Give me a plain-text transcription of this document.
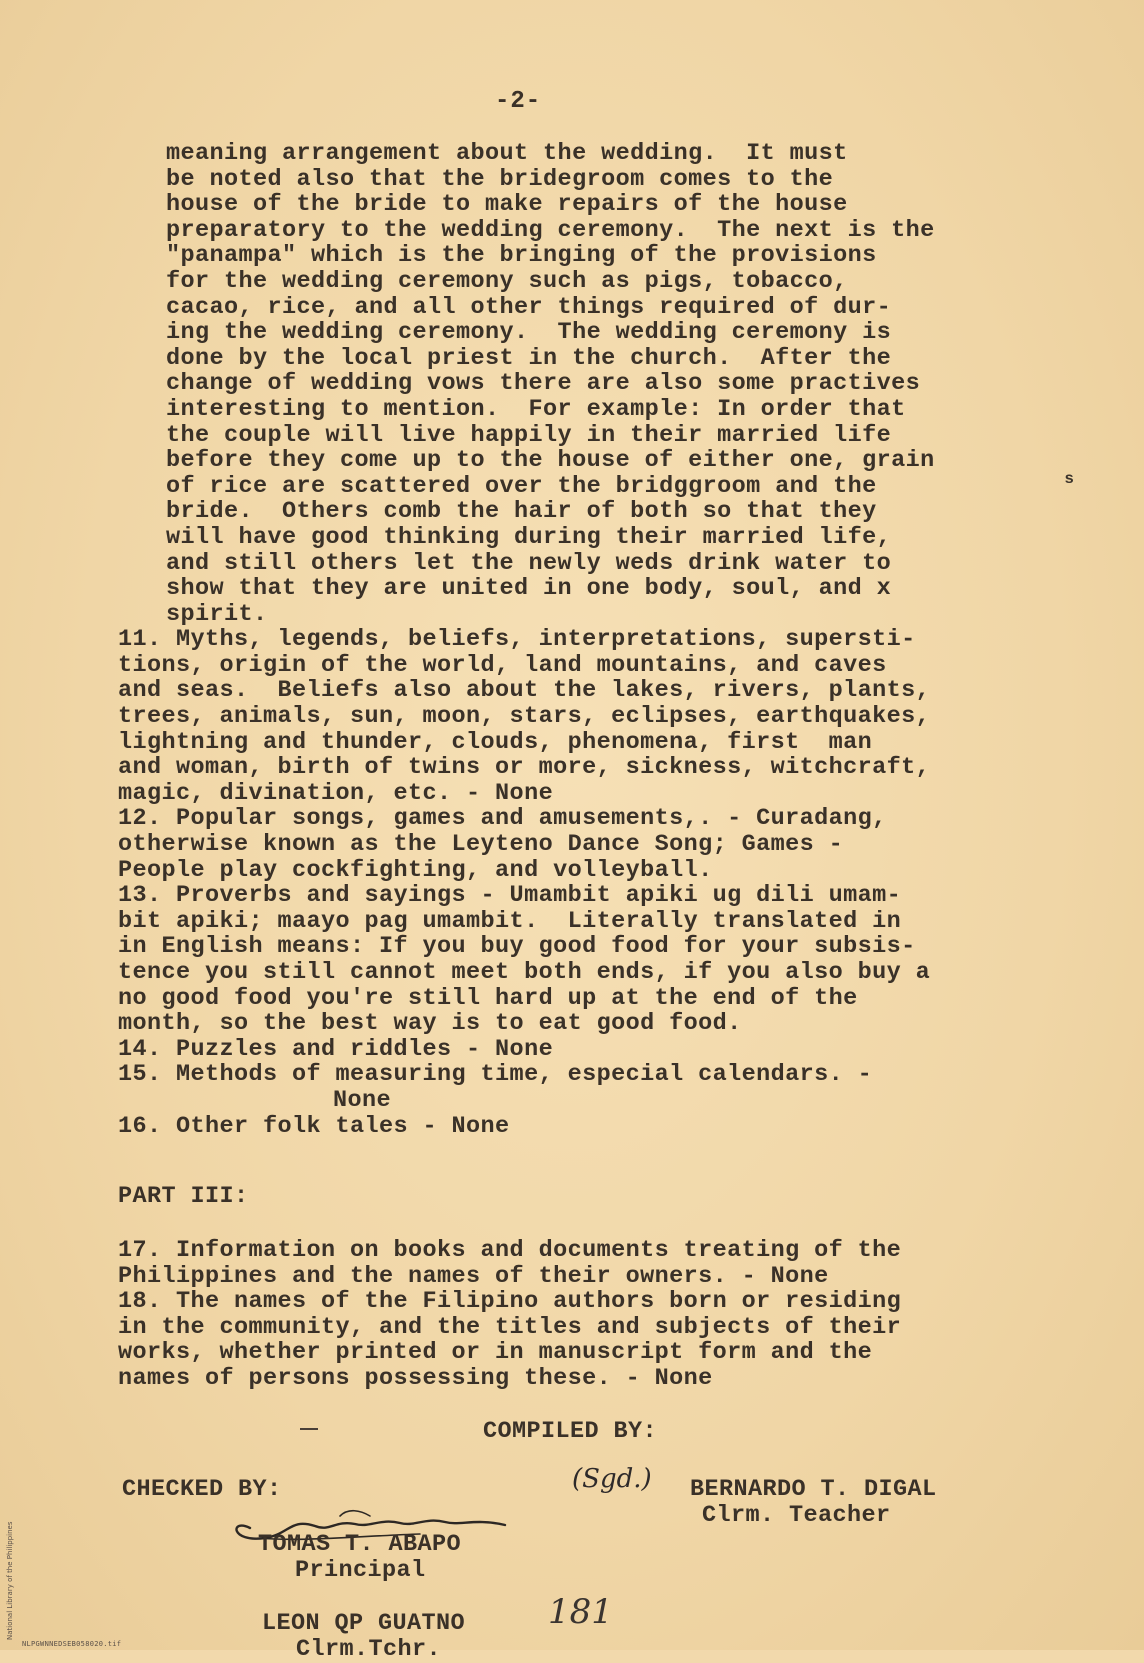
-2-
meaning arrangement about the wedding.  It must
be noted also that the bridegroom comes to the
house of the bride to make repairs of the house
preparatory to the wedding ceremony.  The next is the
"panampa" which is the bringing of the provisions
for the wedding ceremony such as pigs, tobacco,
cacao, rice, and all other things required of dur-
ing the wedding ceremony.  The wedding ceremony is
done by the local priest in the church.  After the
change of wedding vows there are also some practives
interesting to mention.  For example: In order that
the couple will live happily in their married life
before they come up to the house of either one, grain
of rice are scattered over the bridggroom and the
bride.  Others comb the hair of both so that they
will have good thinking during their married life,
and still others let the newly weds drink water to
show that they are united in one body, soul, and x
spirit.
11. Myths, legends, beliefs, interpretations, supersti-
tions, origin of the world, land mountains, and caves
and seas.  Beliefs also about the lakes, rivers, plants,
trees, animals, sun, moon, stars, eclipses, earthquakes,
lightning and thunder, clouds, phenomena, first  man
and woman, birth of twins or more, sickness, witchcraft,
magic, divination, etc. - None
12. Popular songs, games and amusements,. - Curadang,
otherwise known as the Leyteno Dance Song; Games -
People play cockfighting, and volleyball.
13. Proverbs and sayings - Umambit apiki ug dili umam-
bit apiki; maayo pag umambit.  Literally translated in
in English means: If you buy good food for your subsis-
tence you still cannot meet both ends, if you also buy a
no good food you're still hard up at the end of the
month, so the best way is to eat good food.
14. Puzzles and riddles - None
15. Methods of measuring time, especial calendars. -
None
16. Other folk tales - None
s
PART III:
17. Information on books and documents treating of the
Philippines and the names of their owners. - None
18. The names of the Filipino authors born or residing
in the community, and the titles and subjects of their
works, whether printed or in manuscript form and the
names of persons possessing these. - None
COMPILED BY:
CHECKED BY:	(Sgd.) BERNARDO T. DIGAL
Clrm. Teacher
TOMAS T. ABAPO
Principal
181
LEON QP GUATNO
Clrm.Tchr.
National Library of the Philippines
NLPGWNNEDSEB058020.tif
